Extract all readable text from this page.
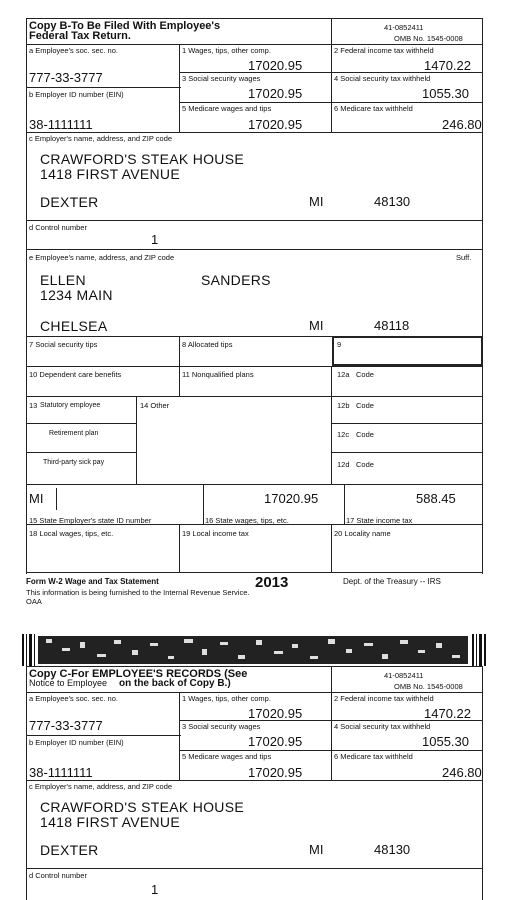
Copy B-To Be Filed With Employee's
Federal Tax Return.
41-0852411
OMB No. 1545-0008
a Employee's soc. sec. no.
777-33-3777
b Employer ID number (EIN)
38-1111111
1 Wages, tips, other comp.
17020.95
2 Federal income tax withheld
1470.22
3 Social security wages
17020.95
4 Social security tax withheld
1055.30
5 Medicare wages and tips
17020.95
6 Medicare tax withheld
246.80
c Employer's name, address, and ZIP code
CRAWFORD'S STEAK HOUSE
1418 FIRST AVENUE
DEXTER	MI	48130
d Control number
1
e Employee's name, address, and ZIP code	Suff.
ELLEN	SANDERS
1234 MAIN
CHELSEA	MI	48118
7 Social security tips	8 Allocated tips	9
10 Dependent care benefits	11 Nonqualified plans	12a Code
13 Statutory employee
Retirement plan
Third-party sick pay
14 Other	12b Code
12c Code
12d Code
MI	17020.95	588.45
15 State Employer's state ID number	16 State wages, tips, etc.	17 State income tax
18 Local wages, tips, etc.	19 Local income tax	20 Locality name
Form W-2 Wage and Tax Statement	2013	Dept. of the Treasury -- IRS
This information is being furnished to the Internal Revenue Service.
OAA
Copy C-For EMPLOYEE'S RECORDS (See
Notice to Employee on the back of Copy B.)
41-0852411
OMB No. 1545-0008
a Employee's soc. sec. no.
777-33-3777
b Employer ID number (EIN)
38-1111111
1 Wages, tips, other comp.
17020.95
2 Federal income tax withheld
1470.22
3 Social security wages
17020.95
4 Social security tax withheld
1055.30
5 Medicare wages and tips
17020.95
6 Medicare tax withheld
246.80
c Employer's name, address, and ZIP code
CRAWFORD'S STEAK HOUSE
1418 FIRST AVENUE
DEXTER	MI	48130
d Control number
1
